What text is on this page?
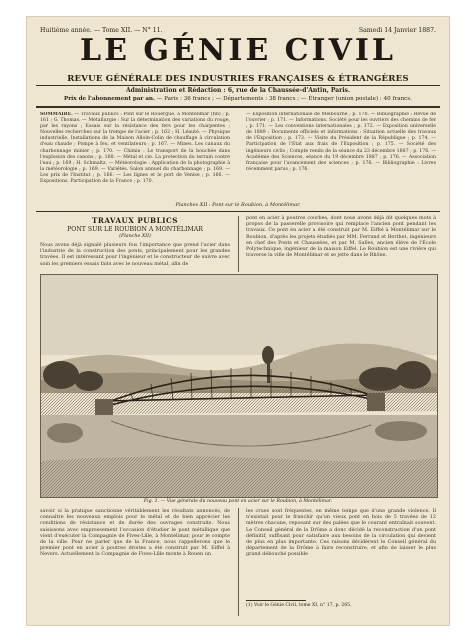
Huitième année. — Tome XII. — N° 11.	Samedi 14 Janvier 1887.
LE GÉNIE CIVIL
REVUE GÉNÉRALE DES INDUSTRIES FRANÇAISES & ÉTRANGÈRES
Administration et Rédaction : 6, rue de la Chaussée-d'Antin, Paris.
Prix de l'abonnement par an. — Paris : 36 francs ; — Départements : 38 francs ; — Étranger (union postale) : 40 francs.
SOMMAIRE. — Travaux publics : Pont sur le Rouergue, à Montélimar (fin) ; p. 161 ; G. Thomas. — Métallurgie : Sur la détermination des variations du rouge, par les rayons ; Essais sur la résistance des fers pour les charpentes ; Nouvelles recherches sur la trempe de l'acier ; p. 162 ; H. Léauté. — Physique industrielle, Installations de la Maison Alloin-Colin de chauffage à circulation d'eau chaude ; Pompe à feu, et ventilateurs ; p. 167. — Mines. Les canaux du charbonnage minier ; p. 170. — Chimie : Le transport de la bouchée dans l'explosion des canons ; p. 168. — Métal et cie. La protection du terrain contre l'eau ; p. 169 ; H. Schmaltz. — Météorologie : Application de la photographie à la météorologie ; p. 169. — Variétés. Salon annuel du charbonnage ; p. 169. — Les prix de l'Institut ; p. 166. — Les lignes et le port de Venise ; p. 166. — Expositions. Participation de la France ; p. 170.
— Exposition internationale de Melbourne ; p. 170. — Bibliographie : Revue de l'ouvrier ; p. 171. — Informations. Société pour les ouvriers des chemins de fer ; p. 171. — Les conventions internationales ; p. 172. — Exposition universelle de 1889 : Documents officiels et informations : Situation actuelle des travaux de l'Exposition ; p. 173. — Visite du Président de la République ; p. 174. — Participation de l'Etat aux frais de l'Exposition ; p. 175. — Société des ingénieurs civils ; Compte rendu de la séance du 23 décembre 1887 ; p. 176. — Académie des Sciences, séance du 19 décembre 1887 ; p. 176. — Association française pour l'avancement des sciences ; p. 176. — Bibliographie : Livres récemment parus ; p. 176.
Planches XII : Pont sur le Roubion, à Montélimar.
TRAVAUX PUBLICS
PONT SUR LE ROUBION A MONTÉLIMAR
(Planche XII)
Nous avons déjà signalé plusieurs fois l'importance que prend l'acier dans l'industrie de la construction des ponts, principalement pour les grandes travées. Il est intéressant pour l'ingénieur et le constructeur de suivre avec soin les premiers essais faits avec le nouveau métal, afin de
pont en acier à poutres courbes, dont nous avons déjà dit quelques mots à propos de la passerelle provisoire qui remplace l'ancien pont pendant les travaux. Ce pont en acier a été construit par M. Eiffel à Montélimar sur le Roubion, d'après les projets étudiés par MM. Ferrand et Berthet, ingénieurs en chef des Ponts et Chaussées, et par M. Salles, ancien élève de l'École Polytechnique, ingénieur de la maison Eiffel. Le Roubion est une rivière qui traverse la ville de Montélimar et se jette dans le Rhône.
Fig. 1. — Vue générale du nouveau pont en acier sur le Roubion, à Montélimar.
savoir si la pratique sanctionne véritablement les résultats annoncés, de connaître les nouveaux emplois pour le métal et de bien apprécier les conditions de résistance et de durée des ouvrages construits. Nous saisissons avec empressement l'occasion d'étudier le pont métallique que vient d'exécuter la Compagnie de Fives-Lille, à Montélimar, pour le compte de la ville. Pour ne parler que de la France, nous rappellerons que le premier pont en acier à poutres droites a été construit par M. Eiffel à Nevers. Actuellement la Compagnie de Fives-Lille monte à Rouen un
les crues sont fréquentes, en même temps que d'une grande violence. Il n'existait pour le franchir qu'un vieux pont en bois de 5 travées de 12 mètres chacune, reposant sur des palées que le courant entraînait souvent. Le Conseil général de la Drôme a donc décidé la reconstruction d'un pont définitif, suffisant pour satisfaire aux besoins de la circulation qui devient de plus en plus importante. Ces raisons décidèrent le Conseil général du département de la Drôme à faire reconstruire, et afin de laisser le plus grand débouché possible
(1) Voir le Génie Civil, tome XI, n° 17, p. 265.
